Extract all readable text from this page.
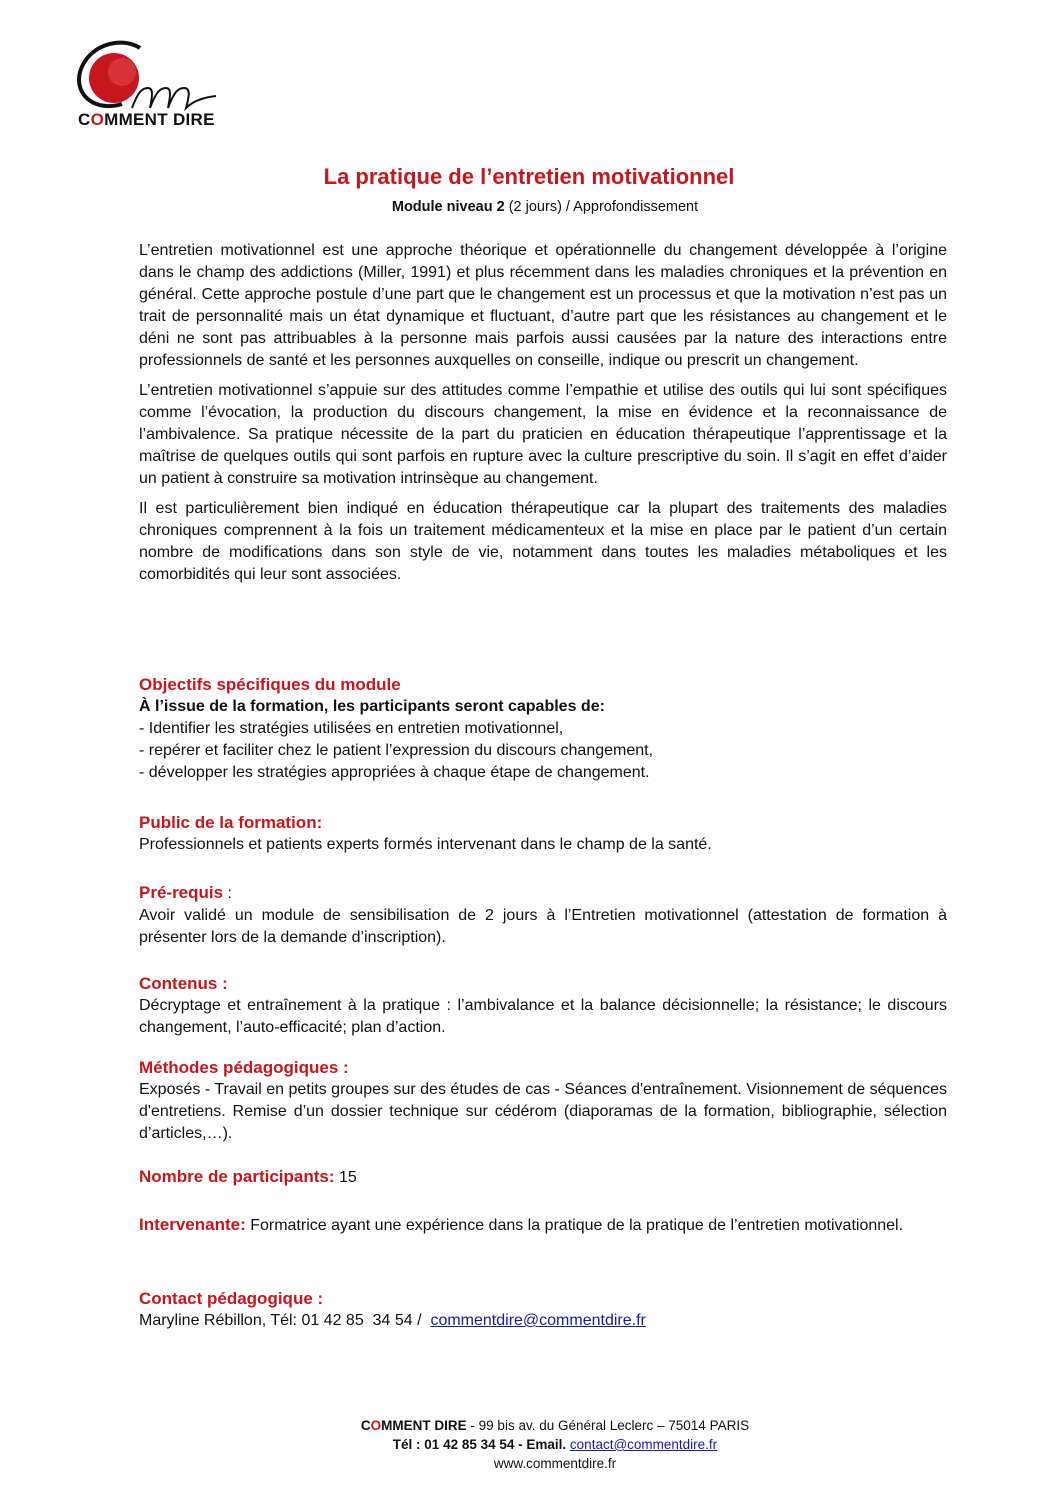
COMMENT DIRE
La pratique de l’entretien motivationnel
Module niveau 2 (2 jours) / Approfondissement

L’entretien motivationnel est une approche théorique et opérationnelle du changement développée à l’origine dans le champ des addictions (Miller, 1991) et plus récemment dans les maladies chroniques et la prévention en général. Cette approche postule d’une part que le changement est un processus et que la motivation n’est pas un trait de personnalité mais un état dynamique et fluctuant, d’autre part que les résistances au changement et le déni ne sont pas attribuables à la personne mais parfois aussi causées par la nature des interactions entre professionnels de santé et les personnes auxquelles on conseille, indique ou prescrit un changement.

L’entretien motivationnel s’appuie sur des attitudes comme l’empathie et utilise des outils qui lui sont spécifiques comme l’évocation, la production du discours changement, la mise en évidence et la reconnaissance de l’ambivalence. Sa pratique nécessite de la part du praticien en éducation thérapeutique l’apprentissage et la maîtrise de quelques outils qui sont parfois en rupture avec la culture prescriptive du soin. Il s’agit en effet d’aider un patient à construire sa motivation intrinsèque au changement.

Il est particulièrement bien indiqué en éducation thérapeutique car la plupart des traitements des maladies chroniques comprennent à la fois un traitement médicamenteux et la mise en place par le patient d’un certain nombre de modifications dans son style de vie, notamment dans toutes les maladies métaboliques et les comorbidités qui leur sont associées.

Objectifs spécifiques du module

À l’issue de la formation, les participants seront capables de:

- Identifier les stratégies utilisées en entretien motivationnel,

- repérer et faciliter chez le patient l’expression du discours changement,

- développer les stratégies appropriées à chaque étape de changement.

Public de la formation:

Professionnels et patients experts formés intervenant dans le champ de la santé.

Pré-requis :

Avoir validé un module de sensibilisation de 2 jours à l’Entretien motivationnel (attestation de formation à présenter lors de la demande d’inscription).

Contenus :

Décryptage et entraînement à la pratique : l’ambivalance et la balance décisionnelle; la résistance; le discours changement, l’auto-efficacité; plan d’action.

Méthodes pédagogiques :

Exposés - Travail en petits groupes sur des études de cas - Séances d'entraînement. Visionnement de séquences d'entretiens. Remise d’un dossier technique sur cédérom (diaporamas de la formation, bibliographie, sélection d’articles,…).

Nombre de participants: 15

Intervenante: Formatrice ayant une expérience dans la pratique de la pratique de l’entretien motivationnel.

Contact pédagogique :

Maryline Rébillon, Tél: 01 42 85  34 54 /  commentdire@commentdire.fr

COMMENT DIRE - 99 bis av. du Général Leclerc – 75014 PARIS
Tél : 01 42 85 34 54 - Email. contact@commentdire.fr
www.commentdire.fr
